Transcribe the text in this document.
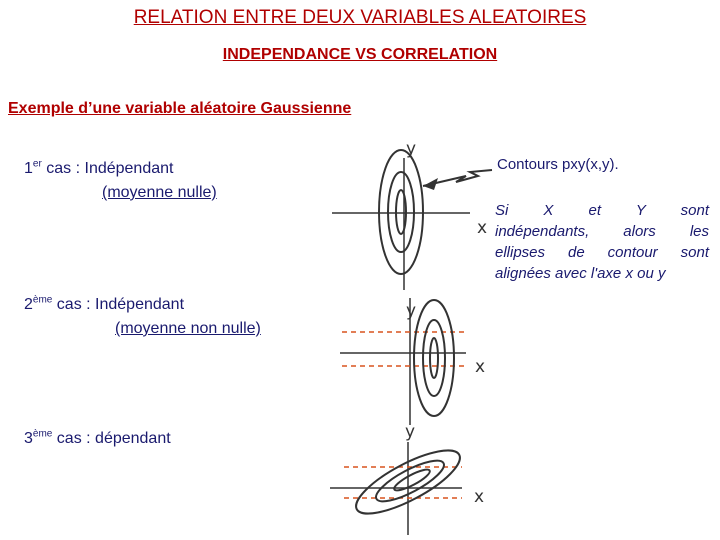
RELATION ENTRE DEUX VARIABLES ALEATOIRES
INDEPENDANCE VS CORRELATION
Exemple d’une variable aléatoire Gaussienne
1er cas : Indépendant
(moyenne nulle)
2ème cas : Indépendant
(moyenne non nulle)
3ème cas : dépendant
Contours pxy(x,y).
Si X et Y sont
indépendants, alors les
ellipses de contour sont
alignées avec l'axe x ou y
y
x
y
x
y
x
